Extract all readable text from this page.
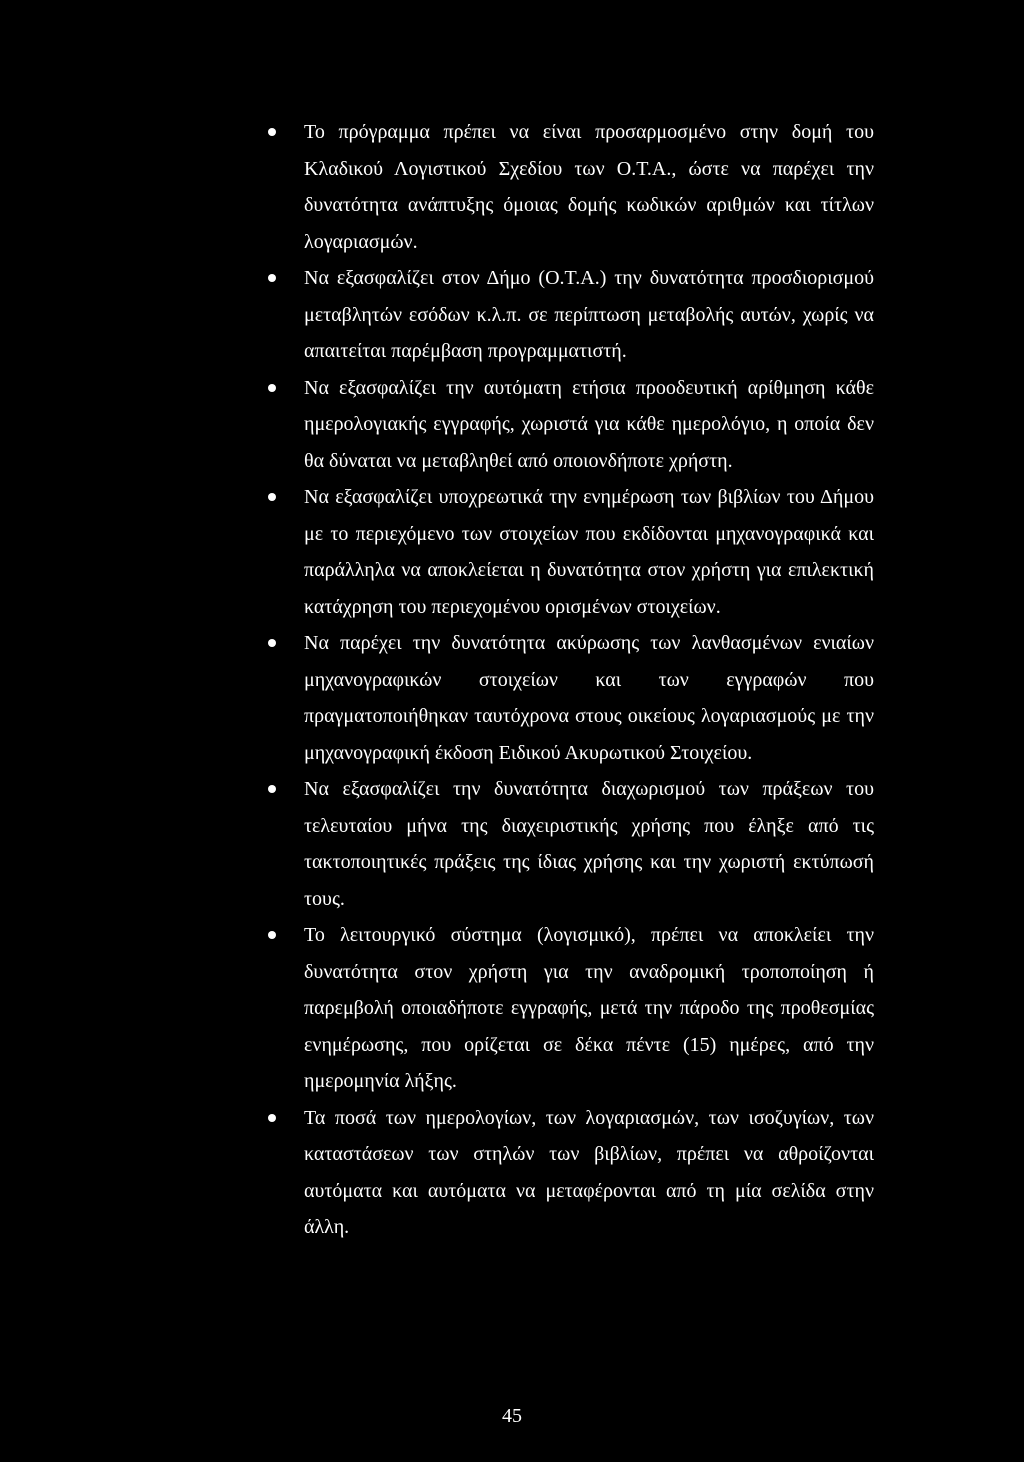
Το πρόγραμμα πρέπει να είναι προσαρμοσμένο στην δομή του Κλαδικού Λογιστικού Σχεδίου των Ο.Τ.Α., ώστε να παρέχει την δυνατότητα ανάπτυξης όμοιας δομής κωδικών αριθμών και τίτλων λογαριασμών.
Να εξασφαλίζει στον Δήμο (Ο.Τ.Α.) την δυνατότητα προσδιορισμού μεταβλητών εσόδων κ.λ.π. σε περίπτωση μεταβολής αυτών, χωρίς να απαιτείται παρέμβαση προγραμματιστή.
Να εξασφαλίζει την αυτόματη ετήσια προοδευτική αρίθμηση κάθε ημερολογιακής εγγραφής, χωριστά για κάθε ημερολόγιο, η οποία δεν θα δύναται να μεταβληθεί από οποιονδήποτε χρήστη.
Να εξασφαλίζει υποχρεωτικά την ενημέρωση των βιβλίων του Δήμου με το περιεχόμενο των στοιχείων που εκδίδονται μηχανογραφικά και παράλληλα να αποκλείεται η δυνατότητα στον χρήστη για επιλεκτική κατάχρηση του περιεχομένου ορισμένων στοιχείων.
Να παρέχει την δυνατότητα ακύρωσης των λανθασμένων ενιαίων μηχανογραφικών στοιχείων και των εγγραφών που πραγματοποιήθηκαν ταυτόχρονα στους οικείους λογαριασμούς με την μηχανογραφική έκδοση Ειδικού Ακυρωτικού Στοιχείου.
Να εξασφαλίζει την δυνατότητα διαχωρισμού των πράξεων του τελευταίου μήνα της διαχειριστικής χρήσης που έληξε από τις τακτοποιητικές πράξεις της ίδιας χρήσης και την χωριστή εκτύπωσή τους.
Το λειτουργικό σύστημα (λογισμικό), πρέπει να αποκλείει την δυνατότητα στον χρήστη για την αναδρομική τροποποίηση ή παρεμβολή οποιαδήποτε εγγραφής, μετά την πάροδο της προθεσμίας ενημέρωσης, που ορίζεται σε δέκα πέντε (15) ημέρες, από την ημερομηνία λήξης.
Τα ποσά των ημερολογίων, των λογαριασμών, των ισοζυγίων, των καταστάσεων των στηλών των βιβλίων, πρέπει να αθροίζονται αυτόματα και αυτόματα να μεταφέρονται από τη μία σελίδα στην άλλη.
45
